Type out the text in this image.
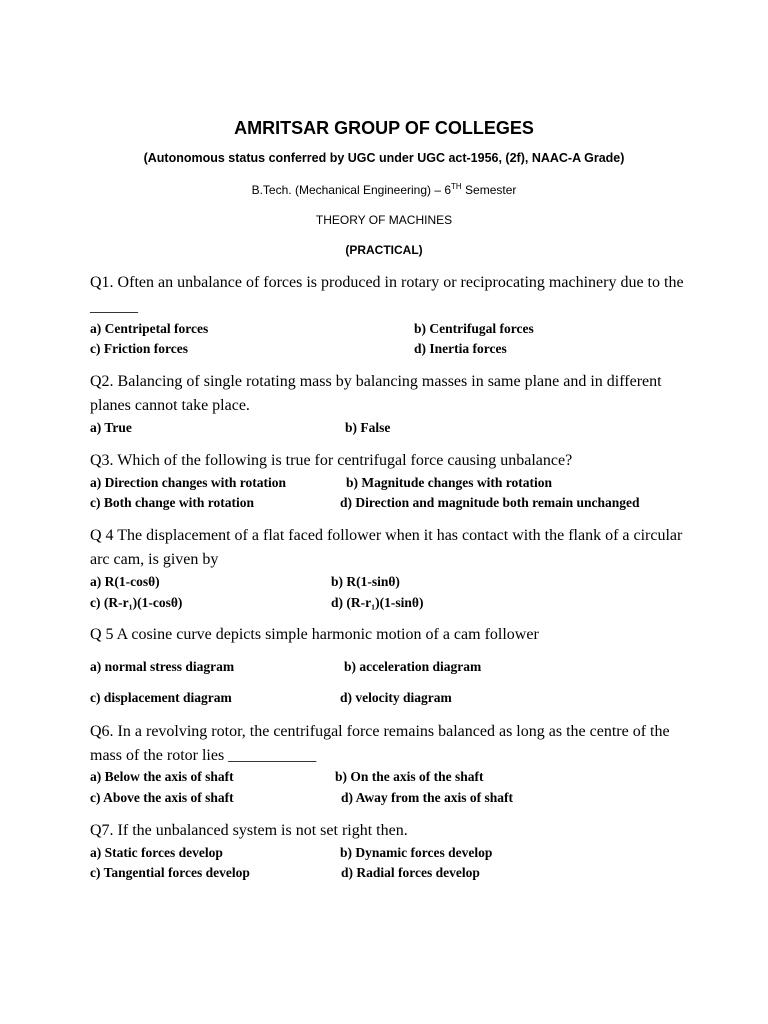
AMRITSAR GROUP OF COLLEGES
(Autonomous status conferred by UGC under UGC act-1956, (2f), NAAC-A Grade)
B.Tech. (Mechanical Engineering) – 6TH Semester
THEORY OF MACHINES
(PRACTICAL)
Q1. Often an unbalance of forces is produced in rotary or reciprocating machinery due to the ______
a) Centripetal forces	b) Centrifugal forces
c) Friction forces	d) Inertia forces
Q2. Balancing of single rotating mass by balancing masses in same plane and in different planes cannot take place.
a) True	b) False
Q3. Which of the following is true for centrifugal force causing unbalance?
a) Direction changes with rotation	b) Magnitude changes with rotation
c) Both change with rotation	d) Direction and magnitude both remain unchanged
Q 4 The displacement of a flat faced follower when it has contact with the flank of a circular arc cam, is given by
a) R(1-cosθ)	b) R(1-sinθ)
c) (R-r₁)(1-cosθ)	d) (R-r₁)(1-sinθ)
Q 5 A cosine curve depicts simple harmonic motion of a cam follower
a) normal stress diagram	b) acceleration diagram
c) displacement diagram	d) velocity diagram
Q6. In a revolving rotor, the centrifugal force remains balanced as long as the centre of the mass of the rotor lies ___________
a) Below the axis of shaft	b) On the axis of the shaft
c) Above the axis of shaft	d) Away from the axis of shaft
Q7. If the unbalanced system is not set right then.
a) Static forces develop	b) Dynamic forces develop
c) Tangential forces develop	d) Radial forces develop
